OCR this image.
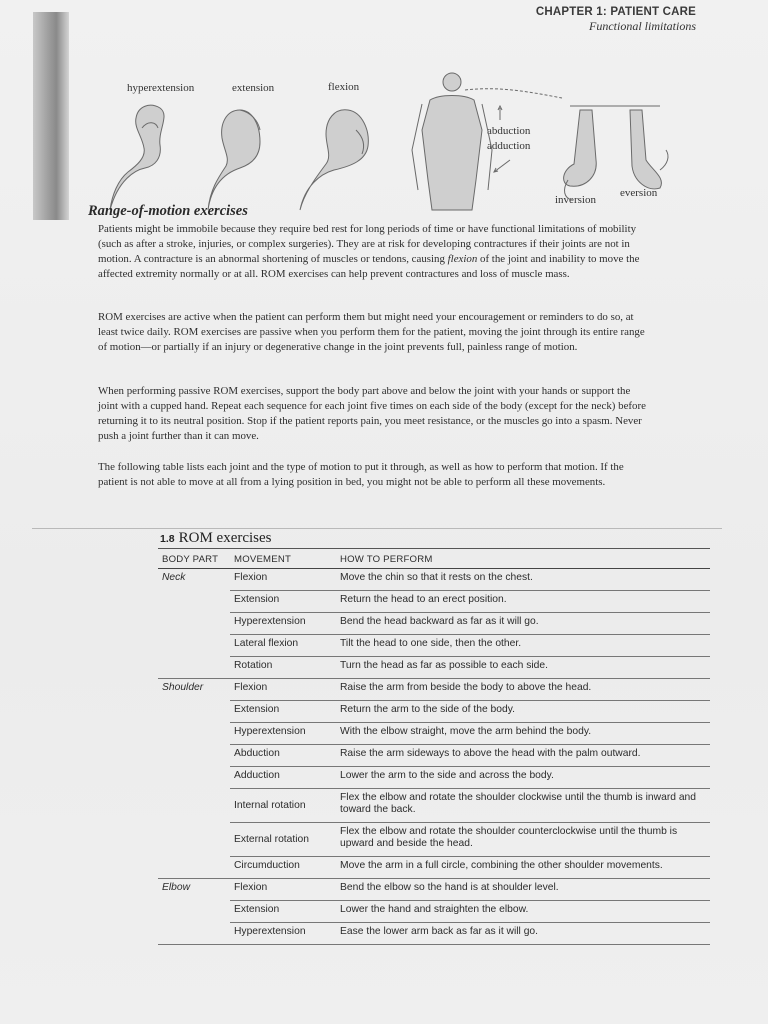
CHAPTER 1: PATIENT CARE
Functional limitations
hyperextension	extension	flexion
abduction
adduction
inversion
eversion
Range-of-motion exercises

Patients might be immobile because they require bed rest for long periods of time or have functional limitations of mobility (such as after a stroke, injuries, or complex surgeries). They are at risk for developing contractures if their joints are not in motion. A contracture is an abnormal shortening of muscles or tendons, causing flexion of the joint and inability to move the affected extremity normally or at all. ROM exercises can help prevent contractures and loss of muscle mass.

ROM exercises are active when the patient can perform them but might need your encouragement or reminders to do so, at least twice daily. ROM exercises are passive when you perform them for the patient, moving the joint through its entire range of motion—or partially if an injury or degenerative change in the joint prevents full, painless range of motion.

When performing passive ROM exercises, support the body part above and below the joint with your hands or support the joint with a cupped hand. Repeat each sequence for each joint five times on each side of the body (except for the neck) before returning it to its neutral position. Stop if the patient reports pain, you meet resistance, or the muscles go into a spasm. Never push a joint further than it can move.

The following table lists each joint and the type of motion to put it through, as well as how to perform that motion. If the patient is not able to move at all from a lying position in bed, you might not be able to perform all these movements.

1.8 ROM exercises
BODY PART	MOVEMENT	HOW TO PERFORM
Neck	Flexion	Move the chin so that it rests on the chest.
	Extension	Return the head to an erect position.
	Hyperextension	Bend the head backward as far as it will go.
	Lateral flexion	Tilt the head to one side, then the other.
	Rotation	Turn the head as far as possible to each side.
Shoulder	Flexion	Raise the arm from beside the body to above the head.
	Extension	Return the arm to the side of the body.
	Hyperextension	With the elbow straight, move the arm behind the body.
	Abduction	Raise the arm sideways to above the head with the palm outward.
	Adduction	Lower the arm to the side and across the body.
	Internal rotation	Flex the elbow and rotate the shoulder clockwise until the thumb is inward and toward the back.
	External rotation	Flex the elbow and rotate the shoulder counterclockwise until the thumb is upward and beside the head.
	Circumduction	Move the arm in a full circle, combining the other shoulder movements.
Elbow	Flexion	Bend the elbow so the hand is at shoulder level.
	Extension	Lower the hand and straighten the elbow.
	Hyperextension	Ease the lower arm back as far as it will go.
